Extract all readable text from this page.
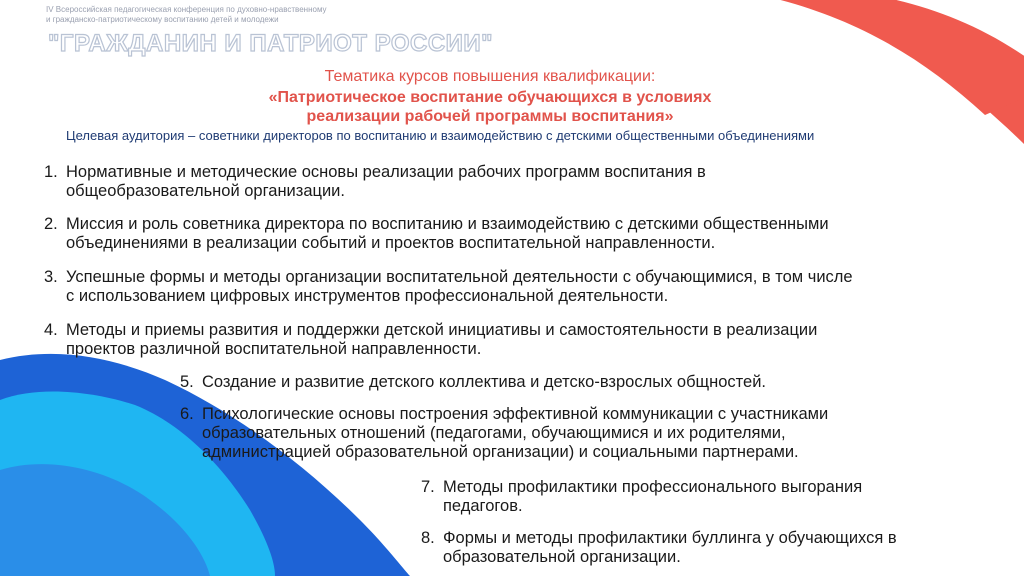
IV Всероссийская педагогическая конференция по духовно-нравственному
и гражданско-патриотическому воспитанию детей и молодежи
"ГРАЖДАНИН И ПАТРИОТ РОССИИ"
Тематика курсов повышения квалификации:
«Патриотическое воспитание обучающихся в условиях
реализации рабочей программы воспитания»
Целевая аудитория – советники директоров по воспитанию и взаимодействию с детскими общественными объединениями
1. Нормативные и методические основы реализации рабочих программ воспитания в
общеобразовательной организации.
2. Миссия и роль советника директора по воспитанию и взаимодействию с детскими общественными
объединениями в реализации событий и проектов воспитательной направленности.
3. Успешные формы и методы организации воспитательной деятельности с обучающимися, в том числе
с использованием цифровых инструментов профессиональной деятельности.
4. Методы и приемы развития и поддержки детской инициативы и самостоятельности в реализации
проектов различной воспитательной направленности.
5. Создание и развитие детского коллектива и детско-взрослых общностей.
6. Психологические основы построения эффективной коммуникации с участниками
образовательных отношений (педагогами, обучающимися и их родителями,
администрацией образовательной организации) и социальными партнерами.
7. Методы профилактики профессионального выгорания
педагогов.
8. Формы и методы профилактики буллинга у обучающихся в
образовательной организации.
